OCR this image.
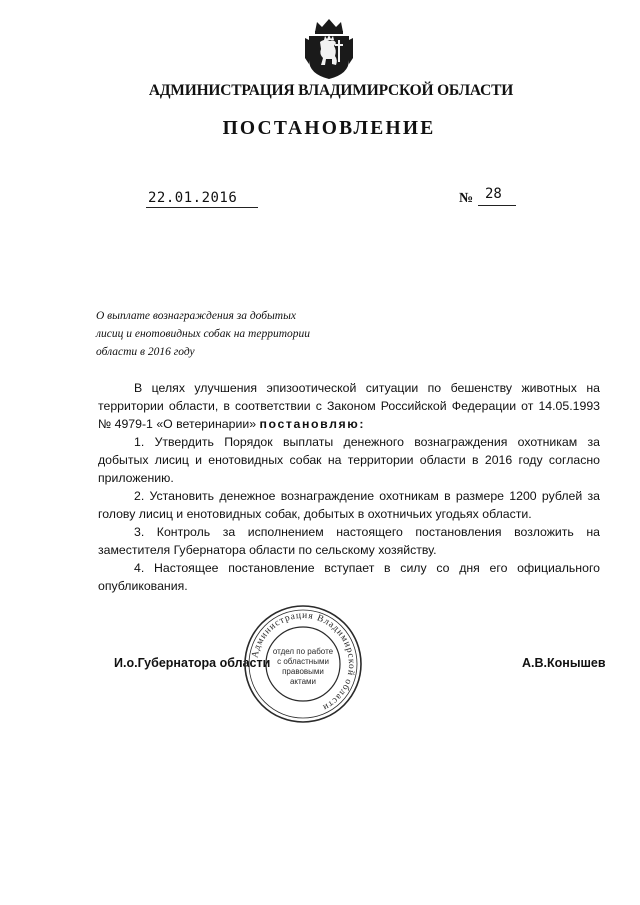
АДМИНИСТРАЦИЯ ВЛАДИМИРСКОЙ ОБЛАСТИ
ПОСТАНОВЛЕНИЕ
22.01.2016	№ 28
О выплате вознаграждения за добытых
лисиц и енотовидных собак на территории
области в 2016 году

В целях улучшения эпизоотической ситуации по бешенству животных на территории области, в соответствии с Законом Российской Федерации от 14.05.1993 № 4979-1 «О ветеринарии» постановляю:

1. Утвердить Порядок выплаты денежного вознаграждения охотникам за добытых лисиц и енотовидных собак на территории области в 2016 году согласно приложению.

2. Установить денежное вознаграждение охотникам в размере 1200 рублей за голову лисиц и енотовидных собак, добытых в охотничьих угодьях области.

3. Контроль за исполнением настоящего постановления возложить на заместителя Губернатора области по сельскому хозяйству.

4. Настоящее постановление вступает в силу со дня его официального опубликования.

И.о.Губернатора области	А.В.Конышев
Администрация Владимирской области
отдел по работе
с областными
правовыми
актами
